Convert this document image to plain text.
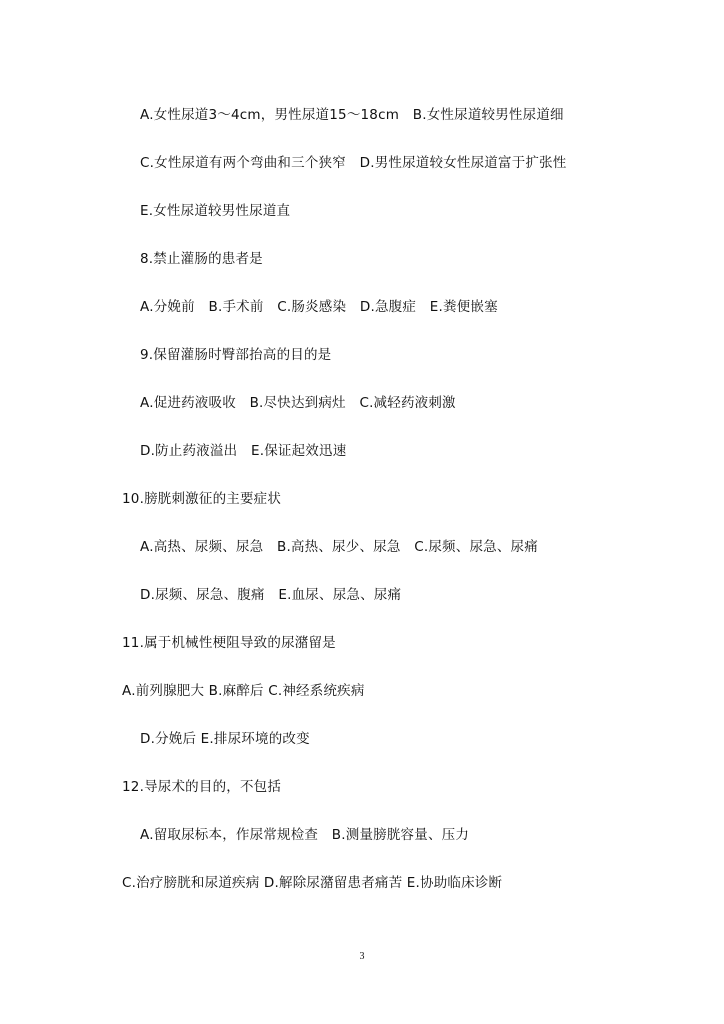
A.女性尿道3～4cm，男性尿道15～18cm　B.女性尿道较男性尿道细
C.女性尿道有两个弯曲和三个狭窄　D.男性尿道较女性尿道富于扩张性
E.女性尿道较男性尿道直
8.禁止灌肠的患者是
A.分娩前　B.手术前　C.肠炎感染　D.急腹症　E.粪便嵌塞
9.保留灌肠时臀部抬高的目的是
A.促进药液吸收　B.尽快达到病灶　C.减轻药液刺激
D.防止药液溢出　E.保证起效迅速
10.膀胱刺激征的主要症状
A.高热、尿频、尿急　B.高热、尿少、尿急　C.尿频、尿急、尿痛
D.尿频、尿急、腹痛　E.血尿、尿急、尿痛
11.属于机械性梗阻导致的尿潴留是
A.前列腺肥大 B.麻醉后 C.神经系统疾病
D.分娩后 E.排尿环境的改变
12.导尿术的目的，不包括
A.留取尿标本，作尿常规检查　B.测量膀胱容量、压力
C.治疗膀胱和尿道疾病 D.解除尿潴留患者痛苦 E.协助临床诊断
3
